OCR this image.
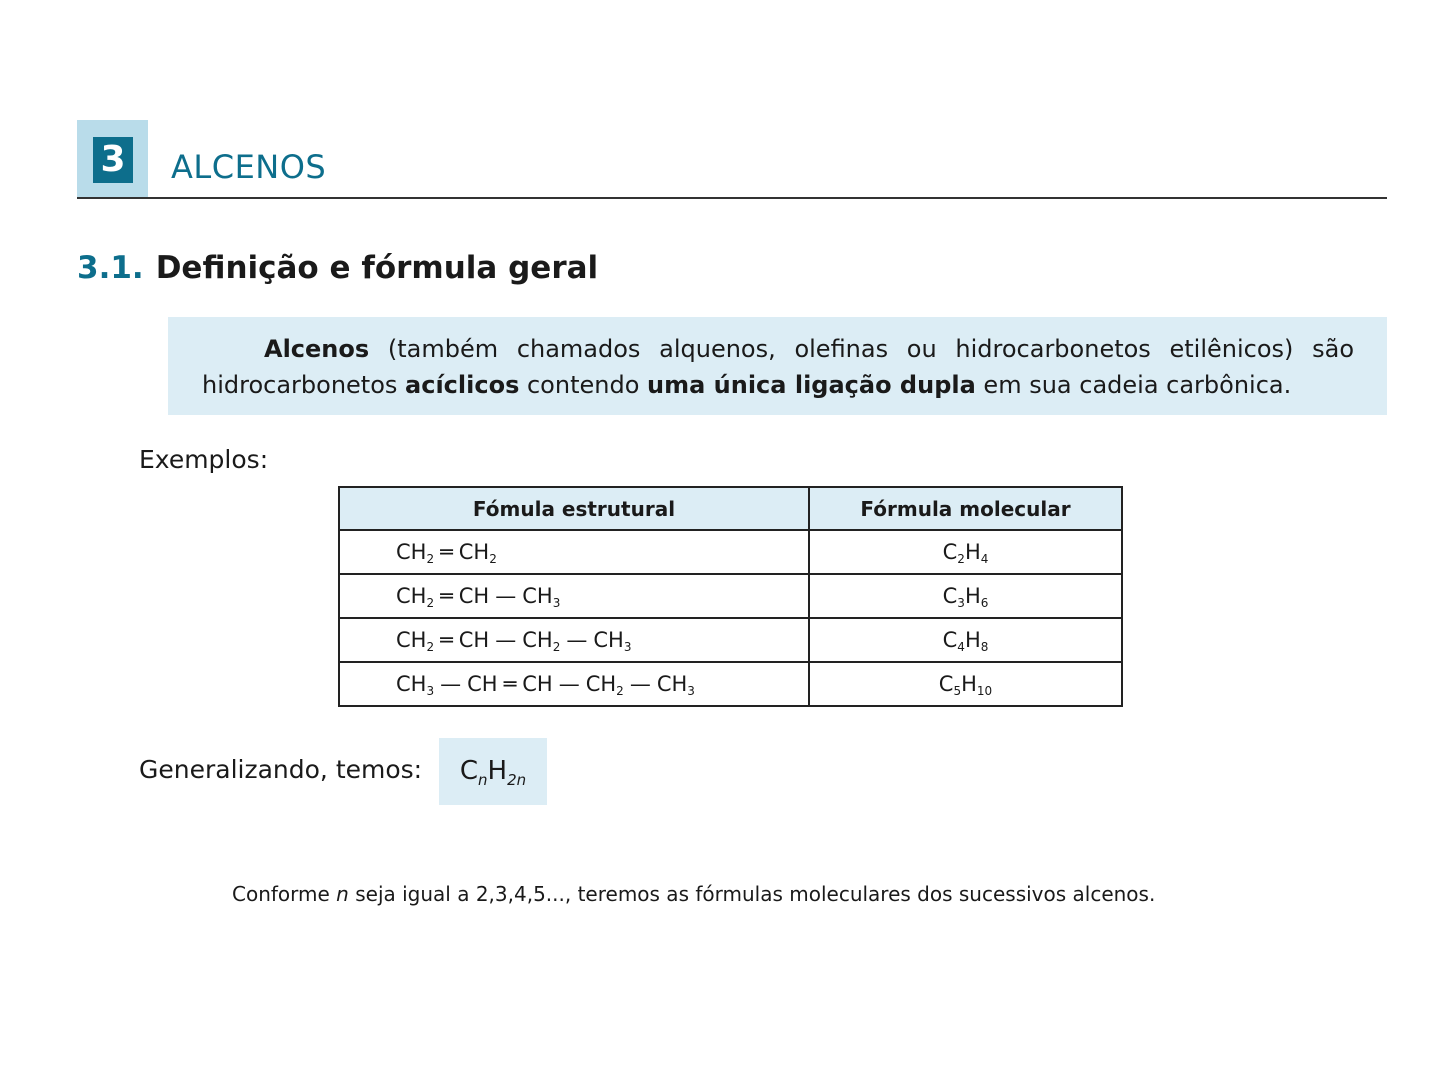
3 ALCENOS
3.1. Definição e fórmula geral
Alcenos (também chamados alquenos, olefinas ou hidrocarbonetos etilênicos) são hidrocarbonetos acíclicos contendo uma única ligação dupla em sua cadeia carbônica.
Exemplos:
Fómula estrutural	Fórmula molecular
$CH_2$ ═ $CH_2$	$C_2H_4$
$CH_2$ ═ CH — $CH_3$	$C_3H_6$
$CH_2$ ═ CH — $CH_2$ — $CH_3$	$C_4H_8$
$CH_3$ — CH ═ CH — $CH_2$ — $CH_3$	$C_5H_{10}$
Generalizando, temos:	$C_nH_{2n}$
Conforme n seja igual a 2,3,4,5..., teremos as fórmulas moleculares dos sucessivos alcenos.
